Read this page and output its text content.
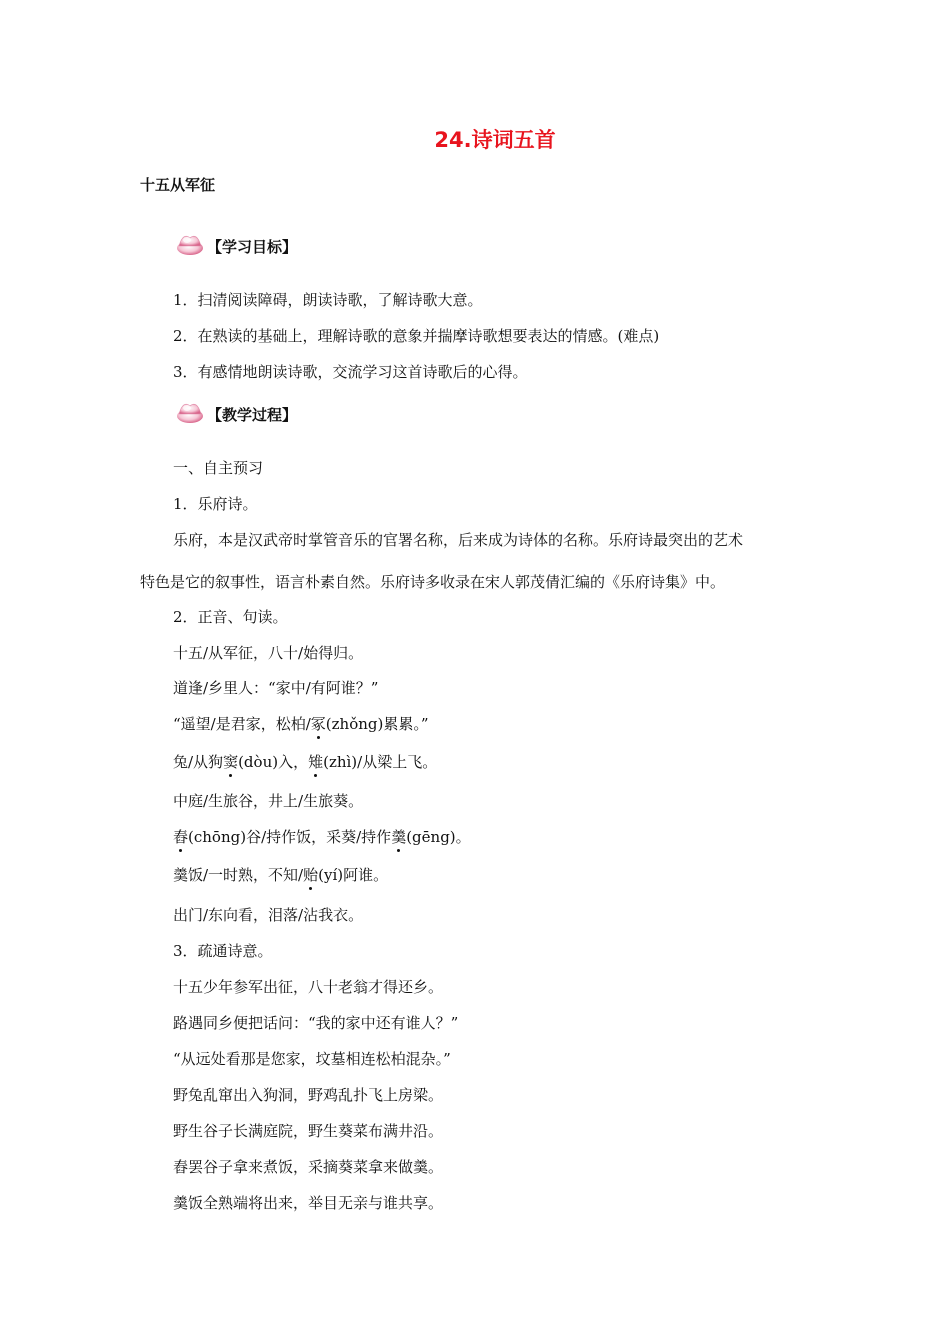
24.诗词五首
十五从军征
【学习目标】
1．扫清阅读障碍，朗读诗歌，了解诗歌大意。
2．在熟读的基础上，理解诗歌的意象并揣摩诗歌想要表达的情感。(难点)
3．有感情地朗读诗歌，交流学习这首诗歌后的心得。
【教学过程】
一、自主预习
1．乐府诗。
乐府，本是汉武帝时掌管音乐的官署名称，后来成为诗体的名称。乐府诗最突出的艺术
特色是它的叙事性，语言朴素自然。乐府诗多收录在宋人郭茂倩汇编的《乐府诗集》中。
2．正音、句读。
十五/从军征，八十/始得归。
道逢/乡里人：“家中/有阿谁？”
“遥望/是君家，松柏/冢(zhǒng)累累。”
兔/从狗窦(dòu)入，雉(zhì)/从梁上飞。
中庭/生旅谷，井上/生旅葵。
舂(chōng)谷/持作饭，采葵/持作羹(gēng)。
羹饭/一时熟，不知/贻(yí)阿谁。
出门/东向看，泪落/沾我衣。
3．疏通诗意。
十五少年参军出征，八十老翁才得还乡。
路遇同乡便把话问：“我的家中还有谁人？”
“从远处看那是您家，坟墓相连松柏混杂。”
野兔乱窜出入狗洞，野鸡乱扑飞上房梁。
野生谷子长满庭院，野生葵菜布满井沿。
舂罢谷子拿来煮饭，采摘葵菜拿来做羹。
羹饭全熟端将出来，举目无亲与谁共享。
